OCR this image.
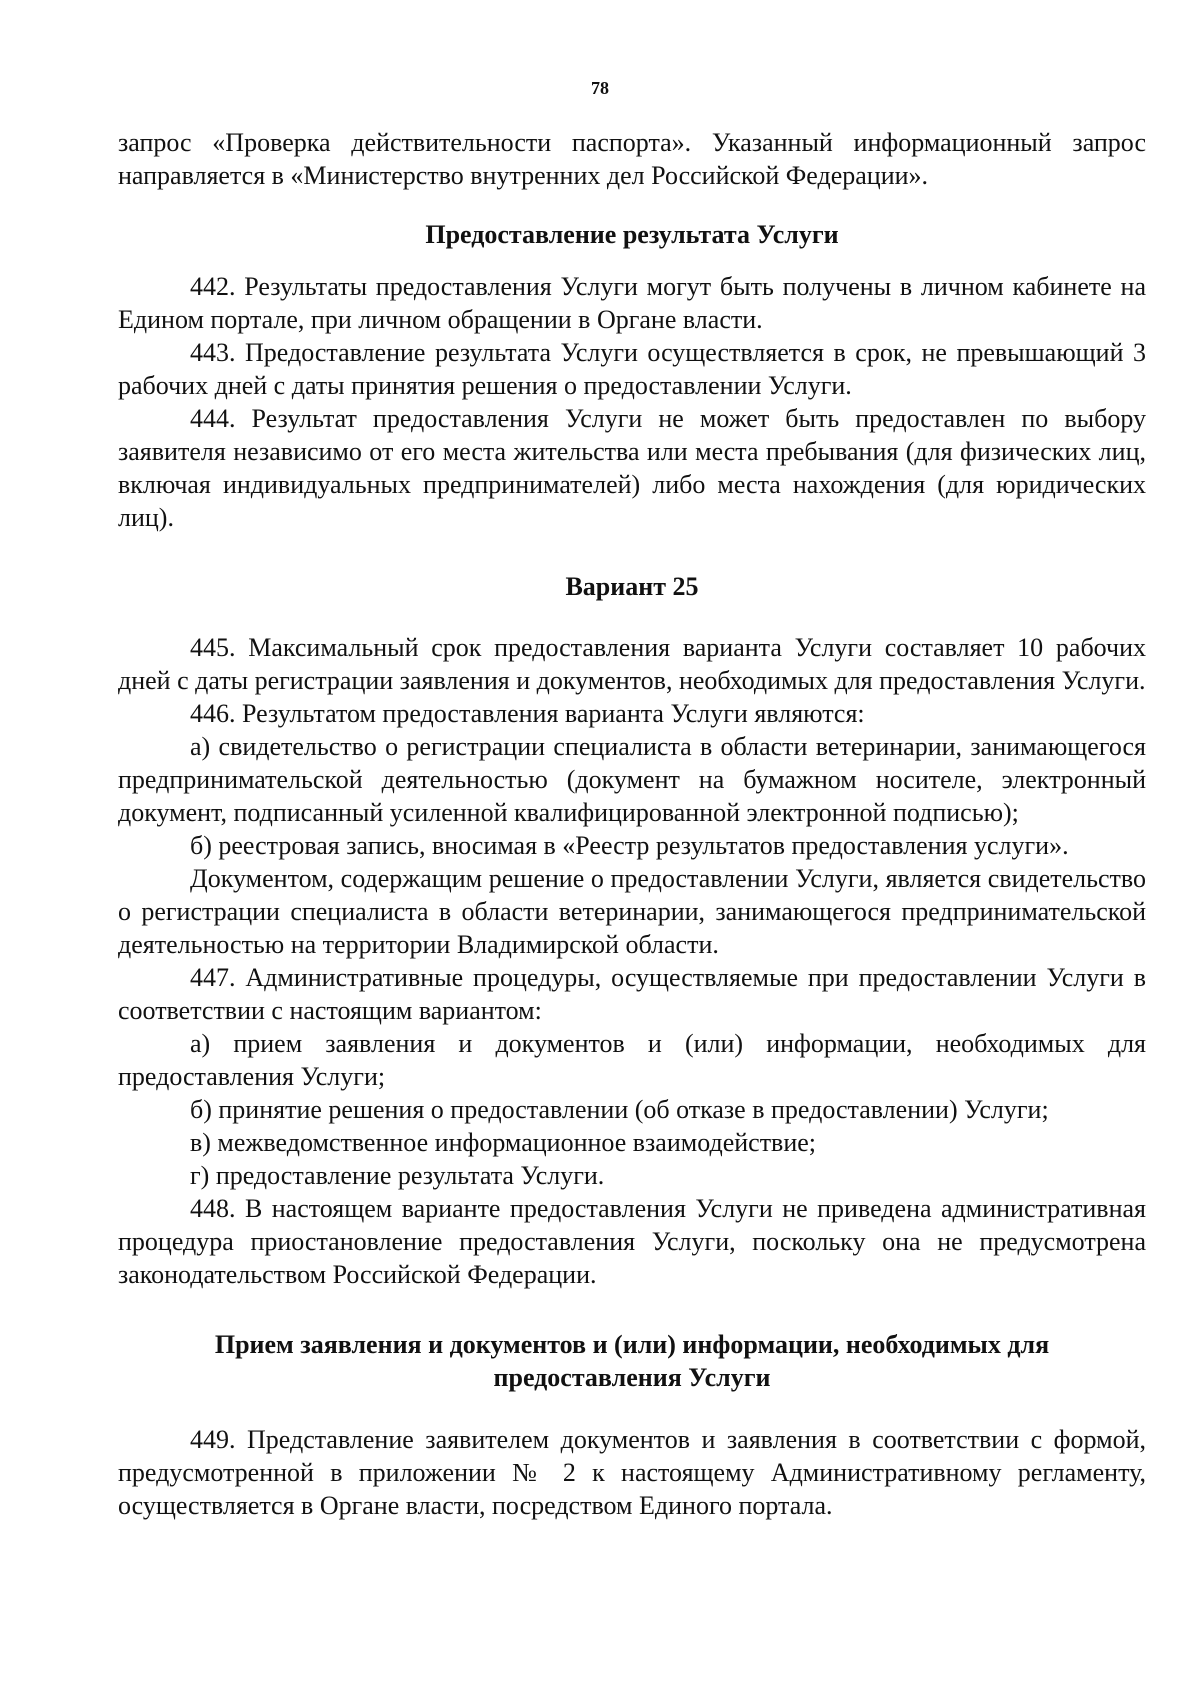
78

запрос «Проверка действительности паспорта». Указанный информационный запрос направляется в «Министерство внутренних дел Российской Федерации».

Предоставление результата Услуги

442. Результаты предоставления Услуги могут быть получены в личном кабинете на Едином портале, при личном обращении в Органе власти.

443. Предоставление результата Услуги осуществляется в срок, не превышающий 3 рабочих дней с даты принятия решения о предоставлении Услуги.

444. Результат предоставления Услуги не может быть предоставлен по выбору заявителя независимо от его места жительства или места пребывания (для физических лиц, включая индивидуальных предпринимателей) либо места нахождения (для юридических лиц).

Вариант 25

445. Максимальный срок предоставления варианта Услуги составляет 10 рабочих дней с даты регистрации заявления и документов, необходимых для предоставления Услуги.

446. Результатом предоставления варианта Услуги являются:

а) свидетельство о регистрации специалиста в области ветеринарии, занимающегося предпринимательской деятельностью (документ на бумажном носителе, электронный документ, подписанный усиленной квалифицированной электронной подписью);

б) реестровая запись, вносимая в «Реестр результатов предоставления услуги».

Документом, содержащим решение о предоставлении Услуги, является свидетельство о регистрации специалиста в области ветеринарии, занимающегося предпринимательской деятельностью на территории Владимирской области.

447. Административные процедуры, осуществляемые при предоставлении Услуги в соответствии с настоящим вариантом:

а) прием заявления и документов и (или) информации, необходимых для предоставления Услуги;

б) принятие решения о предоставлении (об отказе в предоставлении) Услуги;

в) межведомственное информационное взаимодействие;

г) предоставление результата Услуги.

448. В настоящем варианте предоставления Услуги не приведена административная процедура приостановление предоставления Услуги, поскольку она не предусмотрена законодательством Российской Федерации.

Прием заявления и документов и (или) информации, необходимых для
предоставления Услуги

449. Представление заявителем документов и заявления в соответствии с формой, предусмотренной в приложении № 2 к настоящему Административному регламенту, осуществляется в Органе власти, посредством Единого портала.
